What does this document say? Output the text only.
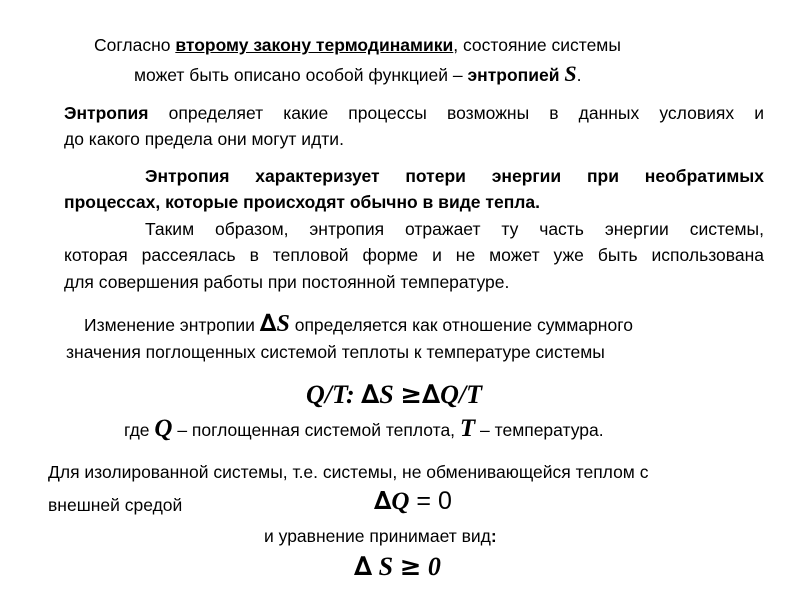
Согласно второму закону термодинамики, состояние системы
может быть описано особой функцией – энтропией S.
Энтропия определяет какие процессы возможны в данных условиях и
до какого предела они могут идти.
Энтропия характеризует потери энергии при необратимых
процессах, которые происходят обычно в виде тепла.
Таким образом, энтропия отражает ту часть энергии системы,
которая рассеялась в тепловой форме и не может уже быть использована
для совершения работы при постоянной температуре.
Изменение энтропии ∆S определяется как отношение суммарного
значения поглощенных системой теплоты к температуре системы
Q/T: ∆S ≥∆Q/T
где Q – поглощенная системой теплота, T – температура.
Для изолированной системы, т.е. системы, не обменивающейся теплом с
внешней средой	∆Q = 0
и уравнение принимает вид:
∆ S ≥ 0
